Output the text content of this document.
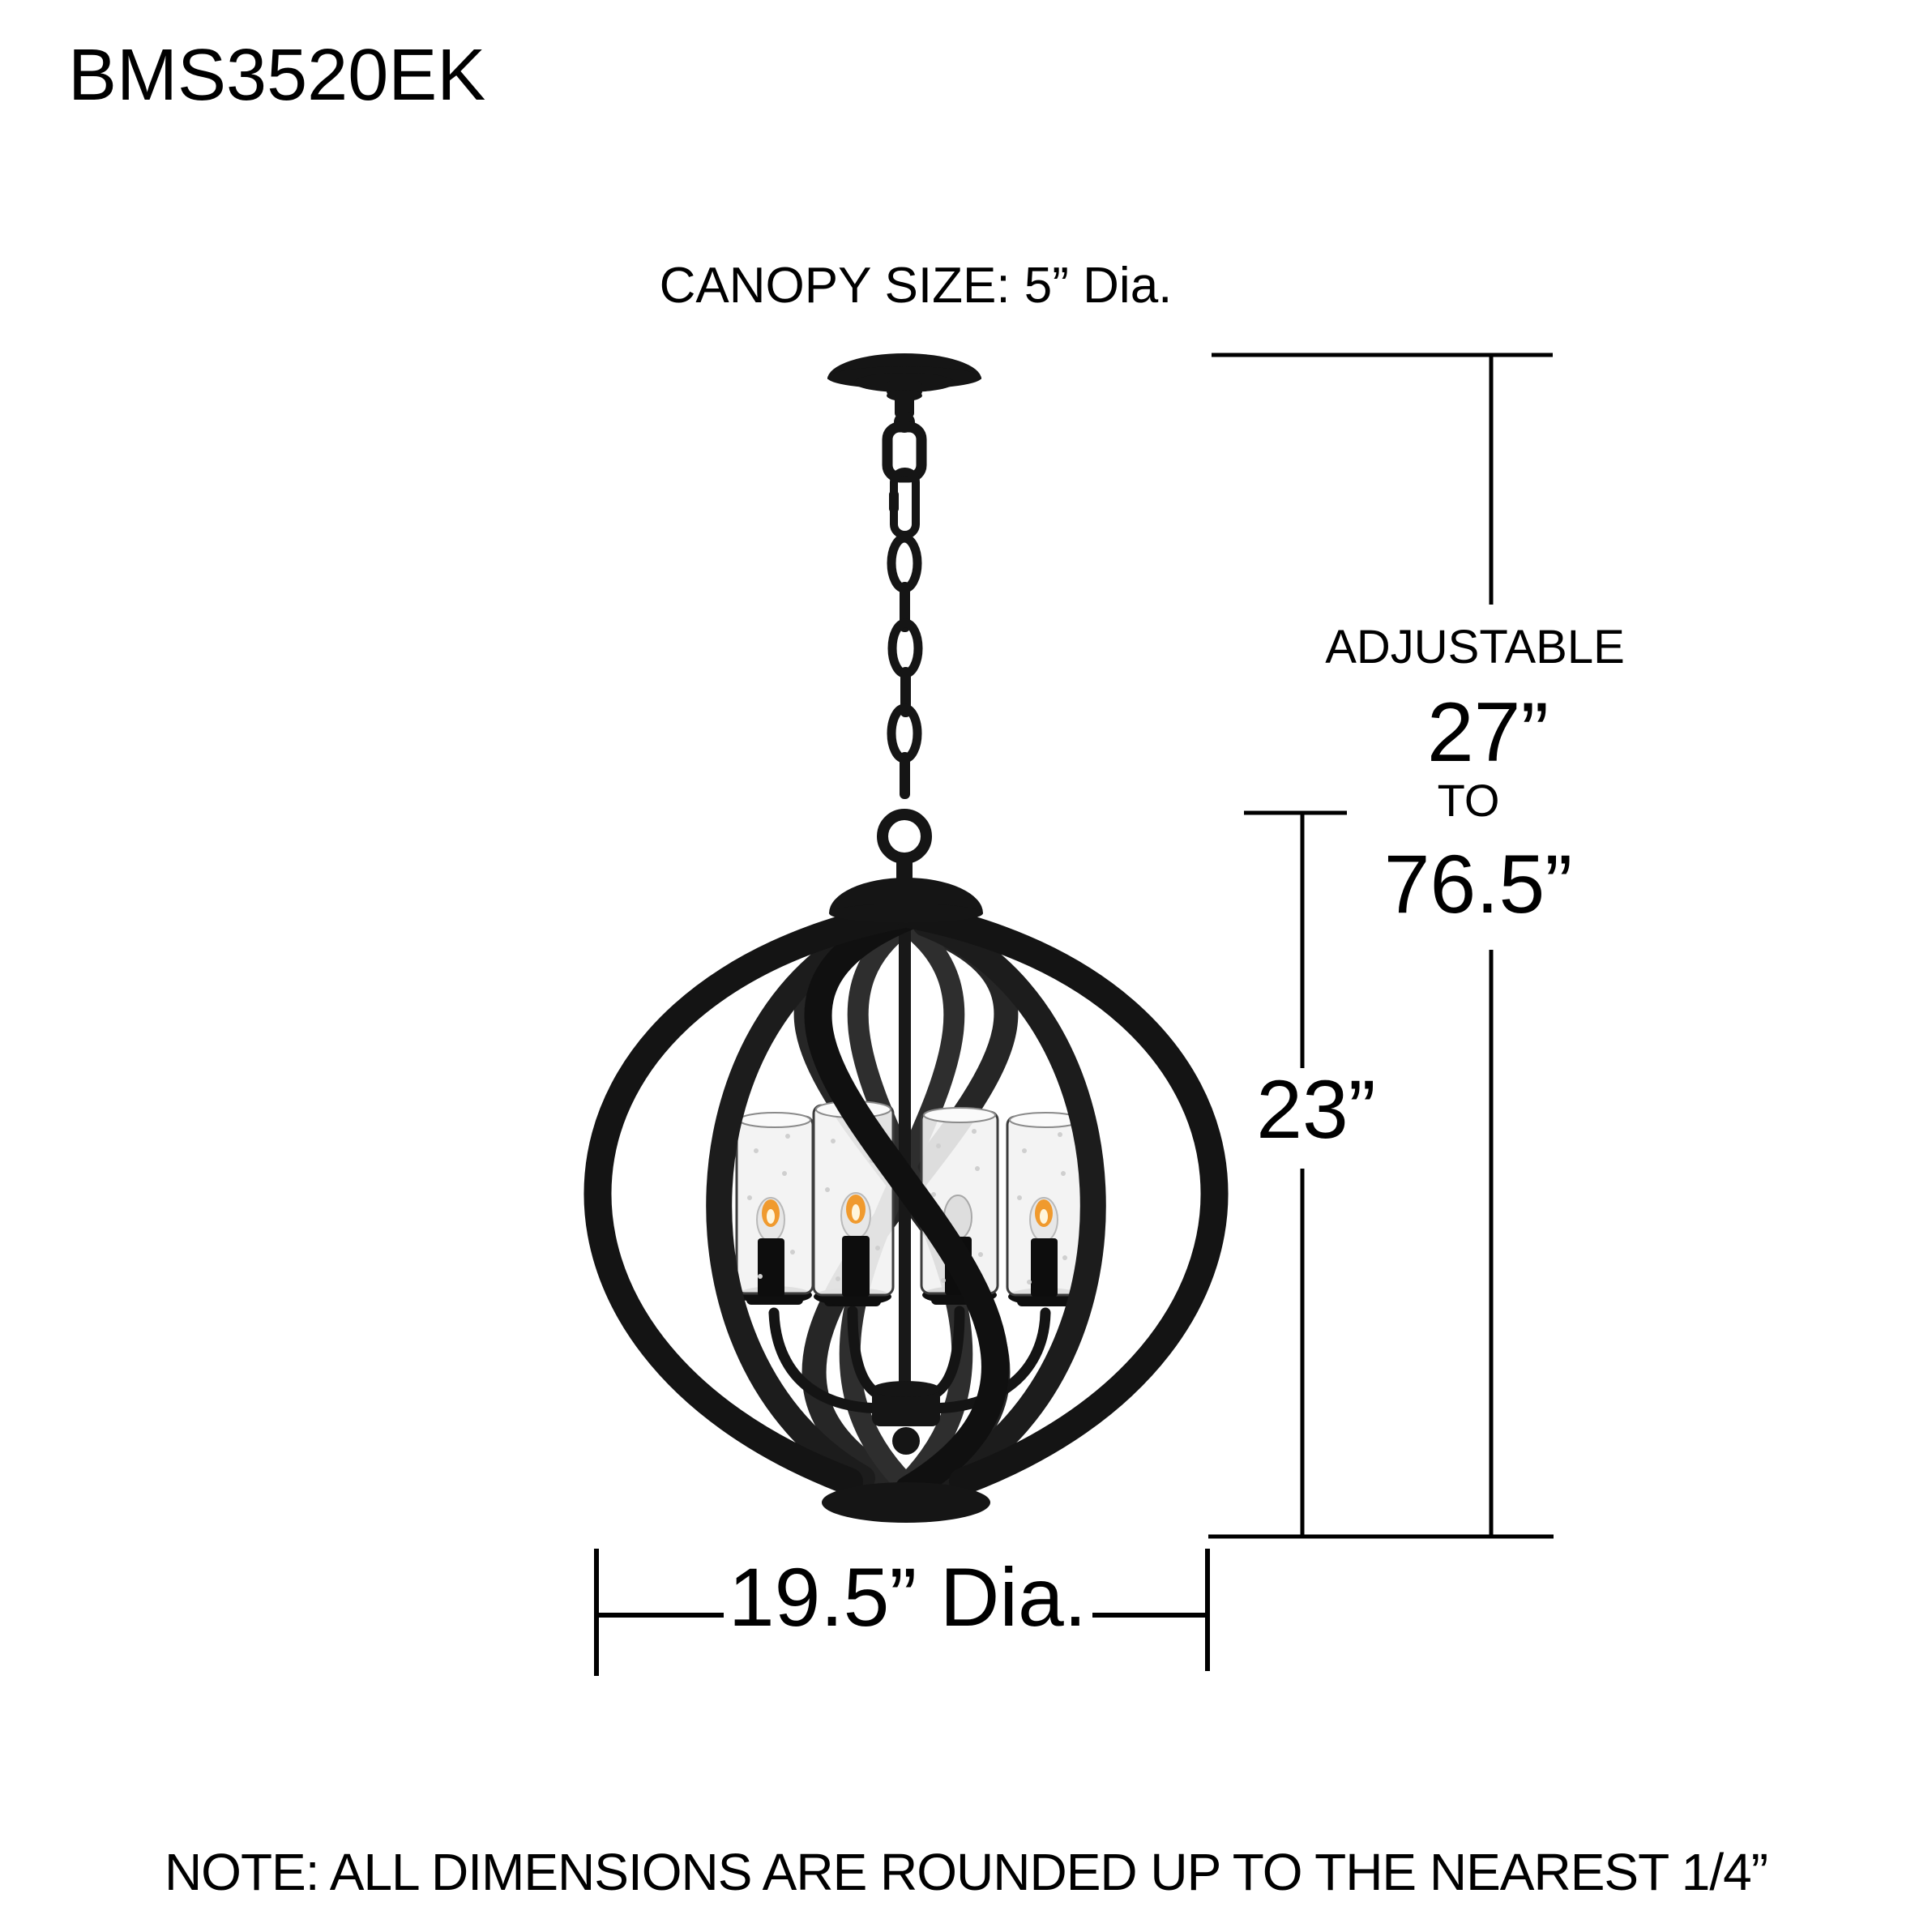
BMS3520EK
CANOPY SIZE: 5” Dia.
ADJUSTABLE
27”
TO
76.5”
23”
19.5” Dia.
NOTE: ALL DIMENSIONS ARE ROUNDED UP TO THE NEAREST 1/4”
